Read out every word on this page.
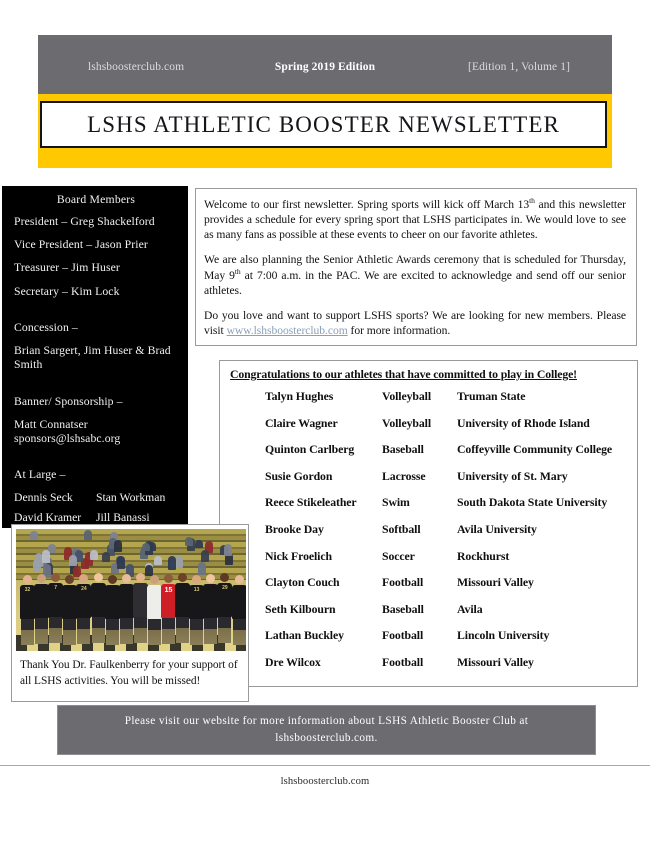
lshsboosterclub.com	Spring 2019 Edition	[Edition 1, Volume 1]
LSHS ATHLETIC BOOSTER NEWSLETTER
Board Members
President – Greg Shackelford
Vice President – Jason Prier
Treasurer – Jim Huser
Secretary – Kim Lock
Concession –
Brian Sargert, Jim Huser & Brad Smith
Banner/ Sponsorship –
Matt Connatser
sponsors@lshsabc.org
At Large –
Dennis Seck	Stan Workman
David Kramer	Jill Banassi

Welcome to our first newsletter. Spring sports will kick off March 13th and this newsletter provides a schedule for every spring sport that LSHS participates in. We would love to see as many fans as possible at these events to cheer on our favorite athletes.

We are also planning the Senior Athletic Awards ceremony that is scheduled for Thursday, May 9th at 7:00 a.m. in the PAC. We are excited to acknowledge and send off our senior athletes.

Do you love and want to support LSHS sports? We are looking for new members. Please visit www.lshsboosterclub.com for more information.

Congratulations to our athletes that have committed to play in College!
Talyn Hughes	Volleyball	Truman State
Claire Wagner	Volleyball	University of Rhode Island
Quinton Carlberg	Baseball	Coffeyville Community College
Susie Gordon	Lacrosse	University of St. Mary
Reece Stikeleather	Swim	South Dakota State University
Brooke Day	Softball	Avila University
Nick Froelich	Soccer	Rockhurst
Clayton Couch	Football	Missouri Valley
Seth Kilbourn	Baseball	Avila
Lathan Buckley	Football	Lincoln University
Dre Wilcox	Football	Missouri Valley
32	7	24	15	13	29
Thank You Dr. Faulkenberry for your support of all LSHS activities. You will be missed!
Please visit our website for more information about LSHS Athletic Booster Club at
lshsboosterclub.com.
lshsboosterclub.com
